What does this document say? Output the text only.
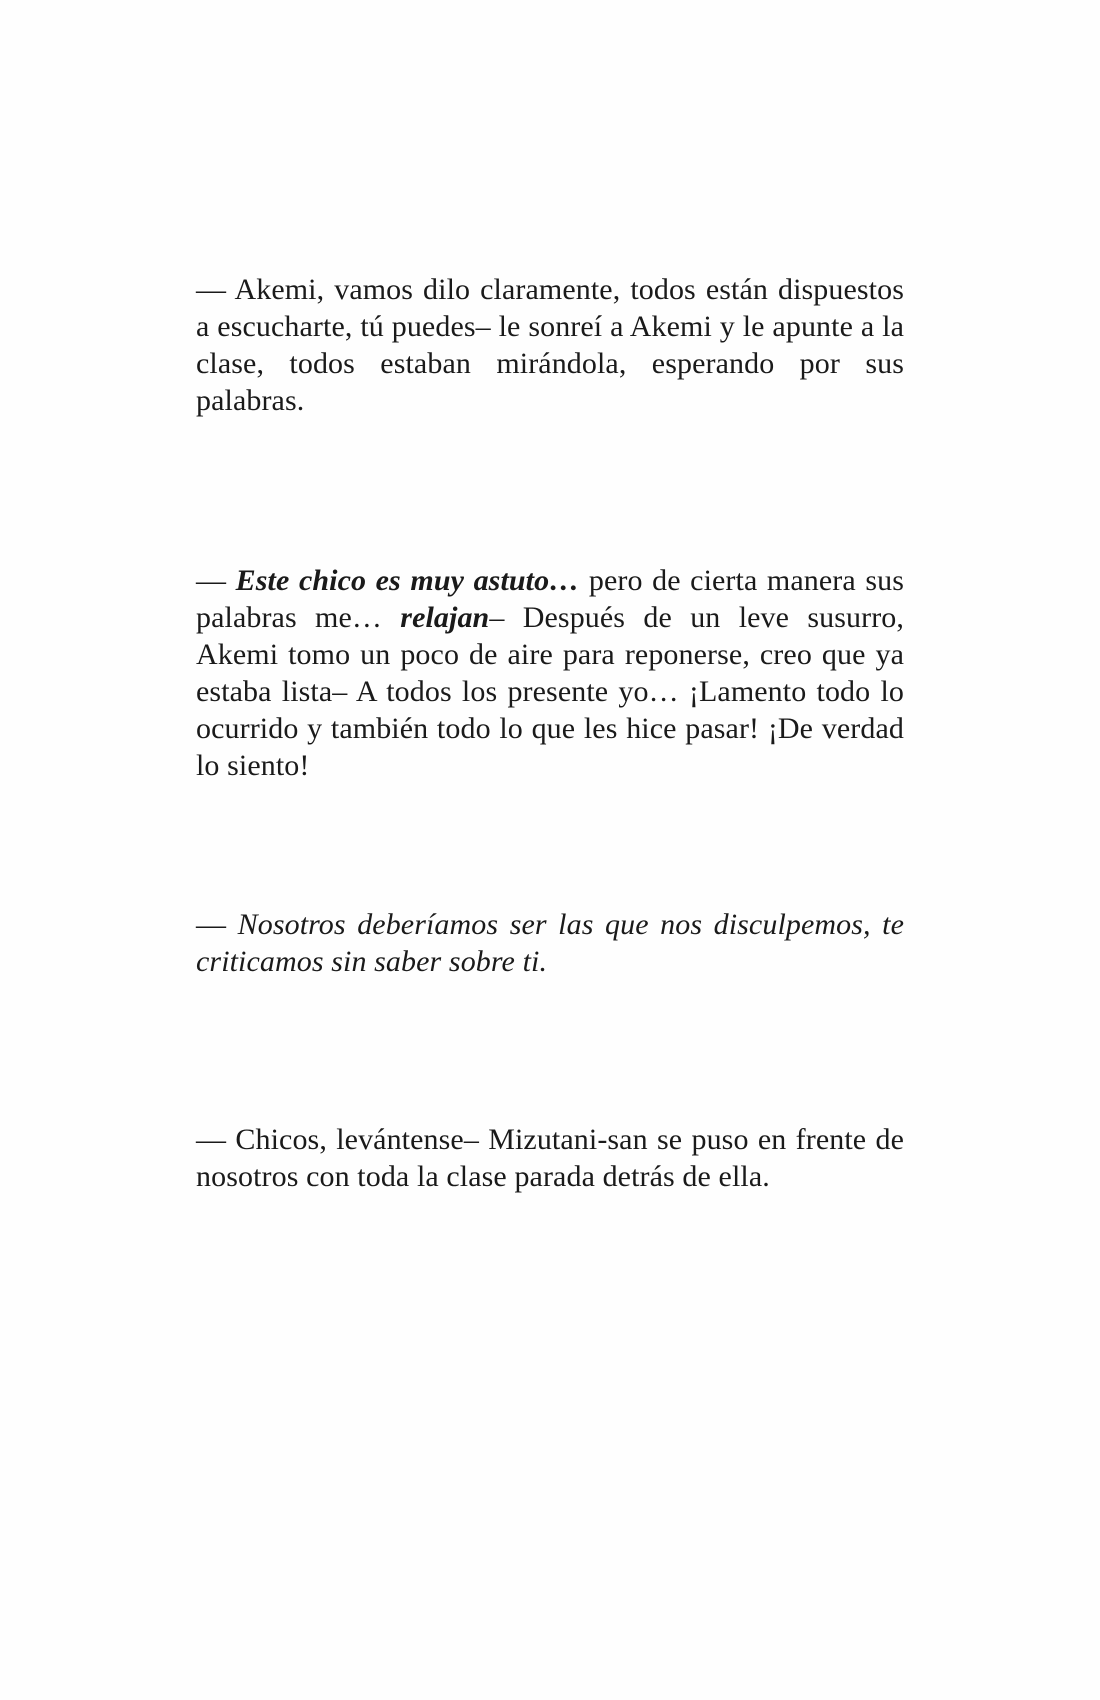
— Akemi, vamos dilo claramente, todos están dispuestos a escucharte, tú puedes– le sonreí a Akemi y le apunte a la clase, todos estaban mirándola, esperando por sus palabras.

— Este chico es muy astuto… pero de cierta manera sus palabras me… relajan– Después de un leve susurro, Akemi tomo un poco de aire para reponerse, creo que ya estaba lista– A todos los presente yo… ¡Lamento todo lo ocurrido y también todo lo que les hice pasar! ¡De verdad lo siento!

— Nosotros deberíamos ser las que nos disculpemos, te criticamos sin saber sobre ti.

— Chicos, levántense– Mizutani-san se puso en frente de nosotros con toda la clase parada detrás de ella.
